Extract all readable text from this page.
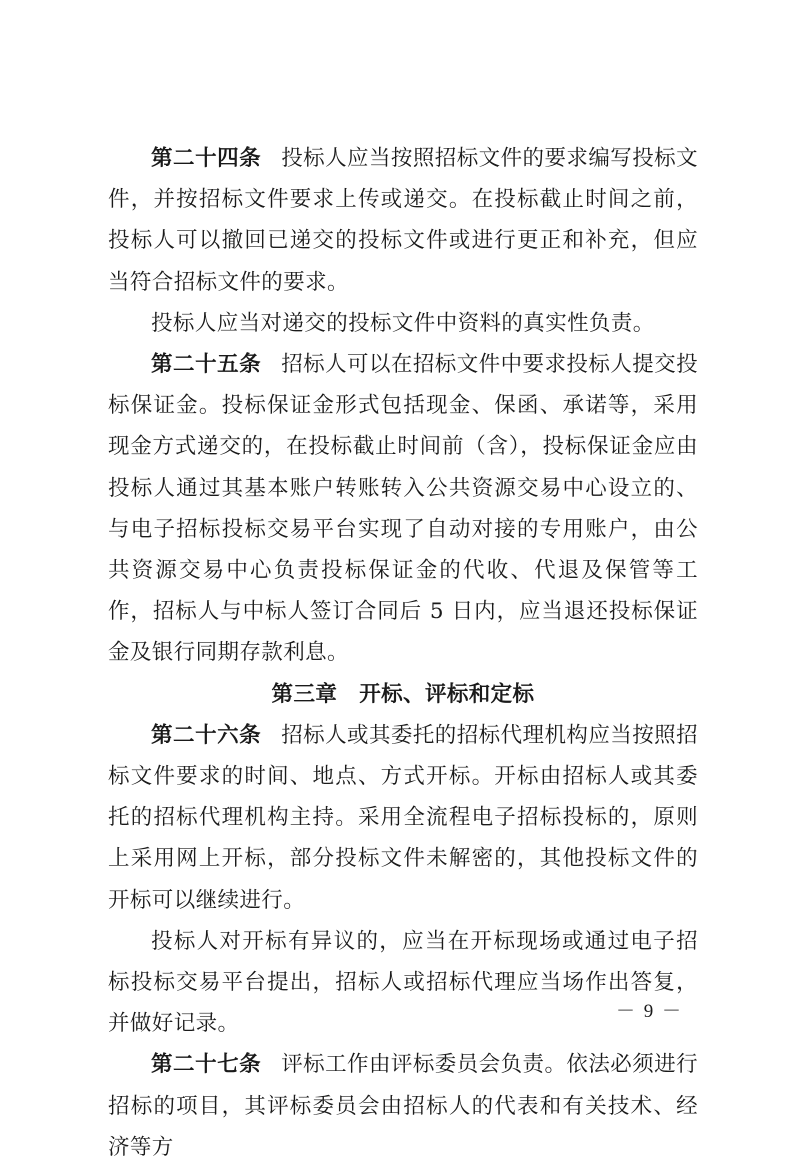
第二十四条 投标人应当按照招标文件的要求编写投标文件，并按招标文件要求上传或递交。在投标截止时间之前，投标人可以撤回已递交的投标文件或进行更正和补充，但应当符合招标文件的要求。

投标人应当对递交的投标文件中资料的真实性负责。

第二十五条 招标人可以在招标文件中要求投标人提交投标保证金。投标保证金形式包括现金、保函、承诺等，采用现金方式递交的，在投标截止时间前（含），投标保证金应由投标人通过其基本账户转账转入公共资源交易中心设立的、与电子招标投标交易平台实现了自动对接的专用账户，由公共资源交易中心负责投标保证金的代收、代退及保管等工作，招标人与中标人签订合同后 5 日内，应当退还投标保证金及银行同期存款利息。

第三章 开标、评标和定标

第二十六条 招标人或其委托的招标代理机构应当按照招标文件要求的时间、地点、方式开标。开标由招标人或其委托的招标代理机构主持。采用全流程电子招标投标的，原则上采用网上开标，部分投标文件未解密的，其他投标文件的开标可以继续进行。

投标人对开标有异议的，应当在开标现场或通过电子招标投标交易平台提出，招标人或招标代理应当场作出答复，并做好记录。

第二十七条 评标工作由评标委员会负责。依法必须进行招标的项目，其评标委员会由招标人的代表和有关技术、经济等方

－ 9 －
